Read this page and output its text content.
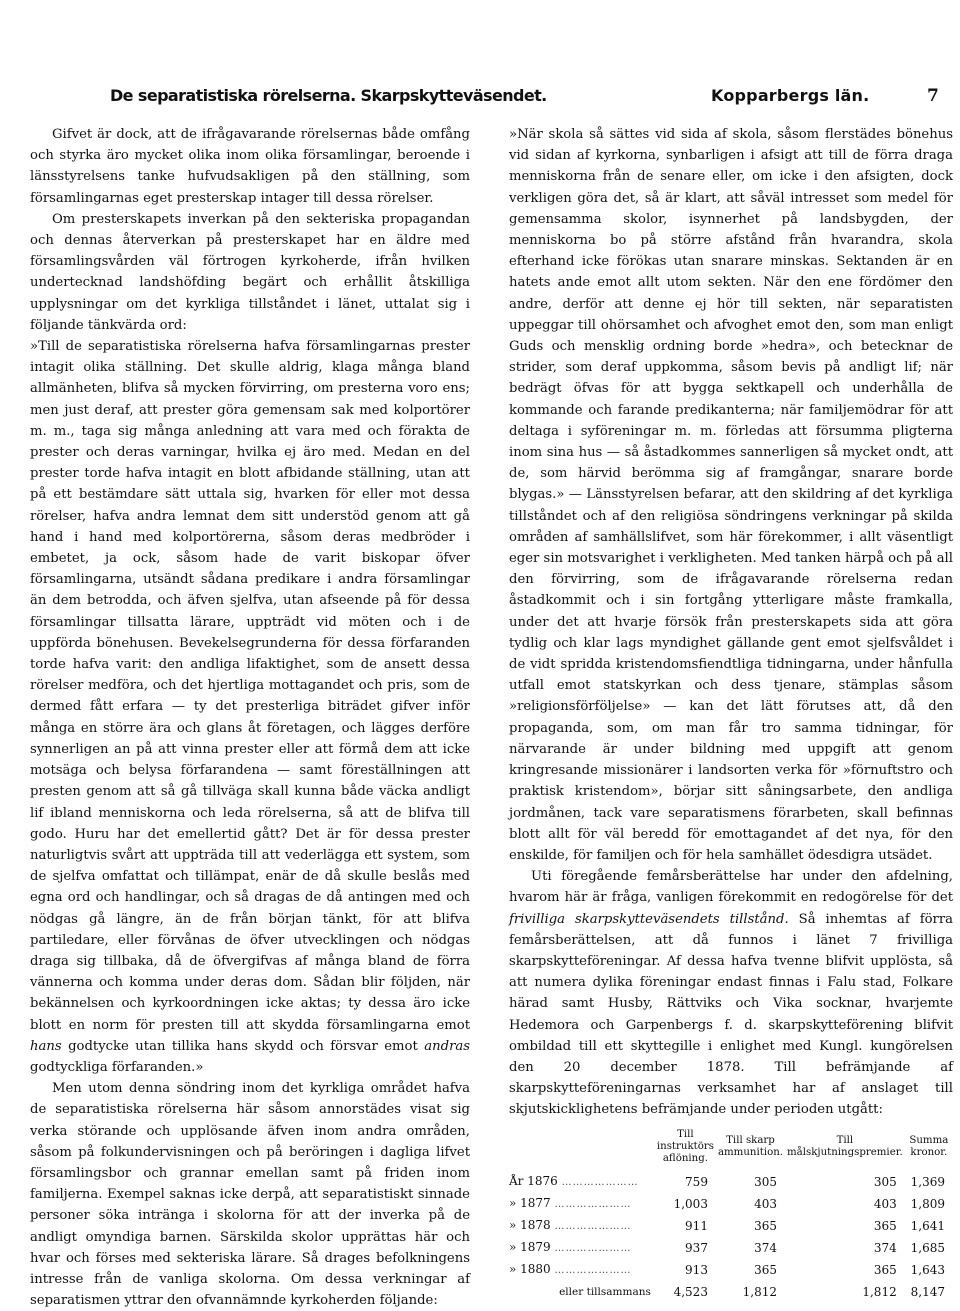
De separatistiska rörelserna. Skarpskytteväsendet.	Kopparbergs län.	7

Gifvet är dock, att de ifrågavarande rörelsernas både omfång och styrka äro mycket olika inom olika församlingar, beroende i länsstyrelsens tanke hufvudsakligen på den ställning, som församlingarnas eget presterskap intager till dessa rörelser.

Om presterskapets inverkan på den sekteriska propagandan och dennas återverkan på presterskapet har en äldre med församlingsvården väl förtrogen kyrkoherde, ifrån hvilken undertecknad landshöfding begärt och erhållit åtskilliga upplysningar om det kyrkliga tillståndet i länet, uttalat sig i följande tänkvärda ord:

»Till de separatistiska rörelserna hafva församlingarnas prester intagit olika ställning. Det skulle aldrig, klaga många bland allmänheten, blifva så mycken förvirring, om presterna voro ens; men just deraf, att prester göra gemensam sak med kolportörer m. m., taga sig många anledning att vara med och förakta de prester och deras varningar, hvilka ej äro med. Medan en del prester torde hafva intagit en blott afbidande ställning, utan att på ett bestämdare sätt uttala sig, hvarken för eller mot dessa rörelser, hafva andra lemnat dem sitt understöd genom att gå hand i hand med kolportörerna, såsom deras medbröder i embetet, ja ock, såsom hade de varit biskopar öfver församlingarna, utsändt sådana predikare i andra församlingar än dem betrodda, och äfven sjelfva, utan afseende på för dessa församlingar tillsatta lärare, uppträdt vid möten och i de uppförda bönehusen. Bevekelsegrunderna för dessa förfaranden torde hafva varit: den andliga lifaktighet, som de ansett dessa rörelser medföra, och det hjertliga mottagandet och pris, som de dermed fått erfara — ty det presterliga biträdet gifver inför många en större ära och glans åt företagen, och lägges derföre synnerligen an på att vinna prester eller att förmå dem att icke motsäga och belysa förfarandena — samt föreställningen att presten genom att så gå tillväga skall kunna både väcka andligt lif ibland menniskorna och leda rörelserna, så att de blifva till godo. Huru har det emellertid gått? Det är för dessa prester naturligtvis svårt att uppträda till att vederlägga ett system, som de sjelfva omfattat och tillämpat, enär de då skulle beslås med egna ord och handlingar, och så dragas de då antingen med och nödgas gå längre, än de från början tänkt, för att blifva partiledare, eller förvånas de öfver utvecklingen och nödgas draga sig tillbaka, då de öfvergifvas af många bland de förra vännerna och komma under deras dom. Sådan blir följden, när bekännelsen och kyrkoordningen icke aktas; ty dessa äro icke blott en norm för presten till att skydda församlingarna emot hans godtycke utan tillika hans skydd och försvar emot andras godtyckliga förfaranden.»

Men utom denna söndring inom det kyrkliga området hafva de separatistiska rörelserna här såsom annorstädes visat sig verka störande och upplösande äfven inom andra områden, såsom på folkundervisningen och på beröringen i dagliga lifvet församlingsbor och grannar emellan samt på friden inom familjerna. Exempel saknas icke derpå, att separatistiskt sinnade personer söka intränga i skolorna för att der inverka på de andligt omyndiga barnen. Särskilda skolor upprättas här och hvar och förses med sekteriska lärare. Så drages befolkningens intresse från de vanliga skolorna. Om dessa verkningar af separatismen yttrar den ofvannämnde kyrkoherden följande:

»När skola så sättes vid sida af skola, såsom flerstädes bönehus vid sidan af kyrkorna, synbarligen i afsigt att till de förra draga menniskorna från de senare eller, om icke i den afsigten, dock verkligen göra det, så är klart, att såväl intresset som medel för gemensamma skolor, isynnerhet på landsbygden, der menniskorna bo på större afstånd från hvarandra, skola efterhand icke förökas utan snarare minskas. Sektanden är en hatets ande emot allt utom sekten. När den ene fördömer den andre, derför att denne ej hör till sekten, när separatisten uppeggar till ohörsamhet och afvoghet emot den, som man enligt Guds och mensklig ordning borde »hedra», och betecknar de strider, som deraf uppkomma, såsom bevis på andligt lif; när bedrägt öfvas för att bygga sektkapell och underhålla de kommande och farande predikanterna; när familjemödrar för att deltaga i syföreningar m. m. förledas att försumma pligterna inom sina hus — så åstadkommes sannerligen så mycket ondt, att de, som härvid berömma sig af framgångar, snarare borde blygas.» — Länsstyrelsen befarar, att den skildring af det kyrkliga tillståndet och af den religiösa söndringens verkningar på skilda områden af samhällslifvet, som här förekommer, i allt väsentligt eger sin motsvarighet i verkligheten. Med tanken härpå och på all den förvirring, som de ifrågavarande rörelserna redan åstadkommit och i sin fortgång ytterligare måste framkalla, under det att hvarje försök från presterskapets sida att göra tydlig och klar lags myndighet gällande gent emot sjelfsvåldet i de vidt spridda kristendomsfiendtliga tidningarna, under hånfulla utfall emot statskyrkan och dess tjenare, stämplas såsom »religionsförföljelse» — kan det lätt förutses att, då den propaganda, som, om man får tro samma tidningar, för närvarande är under bildning med uppgift att genom kringresande missionärer i landsorten verka för »förnuftstro och praktisk kristendom», börjar sitt såningsarbete, den andliga jordmånen, tack vare separatismens förarbeten, skall befinnas blott allt för väl beredd för emottagandet af det nya, för den enskilde, för familjen och för hela samhället ödesdigra utsädet.

Uti föregående femårsberättelse har under den afdelning, hvarom här är fråga, vanligen förekommit en redogörelse för det frivilliga skarpskytteväsendets tillstånd. Så inhemtas af förra femårsberättelsen, att då funnos i länet 7 frivilliga skarpskytteföreningar. Af dessa hafva tvenne blifvit upplösta, så att numera dylika föreningar endast finnas i Falu stad, Folkare härad samt Husby, Rättviks och Vika socknar, hvarjemte Hedemora och Garpenbergs f. d. skarpskytteförening blifvit ombildad till ett skyttegille i enlighet med Kungl. kungörelsen den 20 december 1878. Till befrämjande af skarpskytteföreningarnas verksamhet har af anslaget till skjutskicklighetens befrämjande under perioden utgått:

	Till instruktörs aflöning.	Till skarp ammunition.	Till målskjutningspremier.	Summa kronor.
År 1876 …………………	759	305	305	1,369
» 1877 …………………	1,003	403	403	1,809
» 1878 …………………	911	365	365	1,641
» 1879 …………………	937	374	374	1,685
» 1880 …………………	913	365	365	1,643
eller tillsammans	4,523	1,812	1,812	8,147
